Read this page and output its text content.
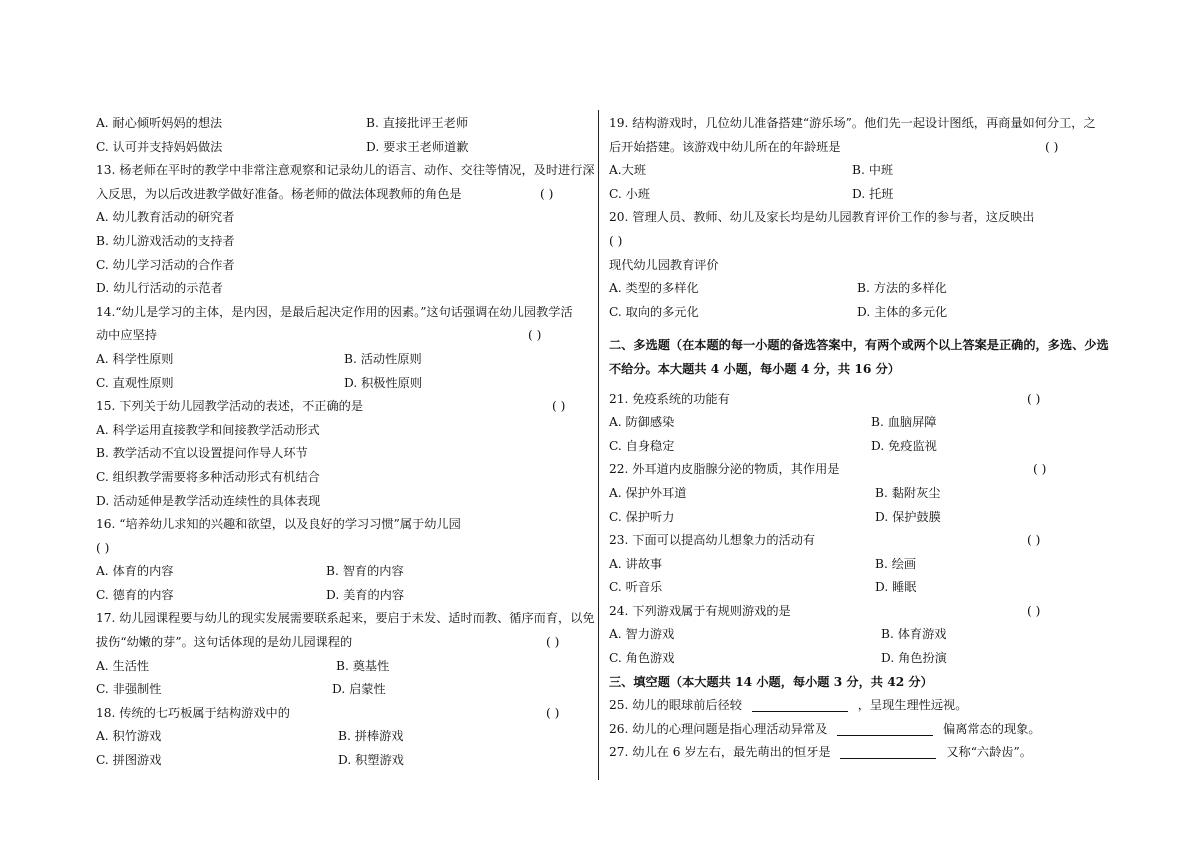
A. 耐心倾听妈妈的想法	B. 直接批评王老师
C. 认可并支持妈妈做法	D. 要求王老师道歉
13. 杨老师在平时的教学中非常注意观察和记录幼儿的语言、动作、交往等情况，及时进行深
入反思，为以后改进教学做好准备。杨老师的做法体现教师的角色是	( )
A. 幼儿教育活动的研究者
B. 幼儿游戏活动的支持者
C. 幼儿学习活动的合作者
D. 幼儿行活动的示范者
14.“幼儿是学习的主体，是内因，是最后起决定作用的因素。”这句话强调在幼儿园教学活
动中应坚持	( )
A. 科学性原则	B. 活动性原则
C. 直观性原则	D. 积极性原则
15. 下列关于幼儿园教学活动的表述，不正确的是	( )
A. 科学运用直接教学和间接教学活动形式
B. 教学活动不宜以设置提问作导人环节
C. 组织教学需要将多种活动形式有机结合
D. 活动延伸是教学活动连续性的具体表现
16. “培养幼儿求知的兴趣和欲望，以及良好的学习习惯”属于幼儿园
( )
A. 体育的内容	B. 智育的内容
C. 德育的内容	D. 美育的内容
17. 幼儿园课程要与幼儿的现实发展需要联系起来，要启于未发、适时而教、循序而育，以免
拔伤“幼嫩的芽”。这句话体现的是幼儿园课程的	( )
A. 生活性	B. 奠基性
C. 非强制性	D. 启蒙性
18. 传统的七巧板属于结构游戏中的	( )
A. 积竹游戏	B. 拼棒游戏
C. 拼图游戏	D. 积塑游戏
19. 结构游戏时，几位幼儿准备搭建“游乐场”。他们先一起设计图纸，再商量如何分工，之
后开始搭建。该游戏中幼儿所在的年龄班是	( )
A.大班	B. 中班
C. 小班	D. 托班
20. 管理人员、教师、幼儿及家长均是幼儿园教育评价工作的参与者，这反映出
( )
现代幼儿园教育评价
A. 类型的多样化	B. 方法的多样化
C. 取向的多元化	D. 主体的多元化
二、多选题（在本题的每一小题的备选答案中，有两个或两个以上答案是正确的，多选、少选
不给分。本大题共 4 小题，每小题 4 分，共 16 分）
21. 免疫系统的功能有	( )
A. 防御感染	B. 血脑屏障
C. 自身稳定	D. 免疫监视
22. 外耳道内皮脂腺分泌的物质，其作用是	( )
A. 保护外耳道	B. 黏附灰尘
C. 保护听力	D. 保护鼓膜
23. 下面可以提高幼儿想象力的活动有	( )
A. 讲故事	B. 绘画
C. 听音乐	D. 睡眠
24. 下列游戏属于有规则游戏的是	( )
A. 智力游戏	B. 体育游戏
C. 角色游戏	D. 角色扮演
三、填空题（本大题共 14 小题，每小题 3 分，共 42 分）
25. 幼儿的眼球前后径较	，呈现生理性远视。
26. 幼儿的心理问题是指心理活动异常及	偏离常态的现象。
27. 幼儿在 6 岁左右，最先萌出的恒牙是	又称“六龄齿”。
